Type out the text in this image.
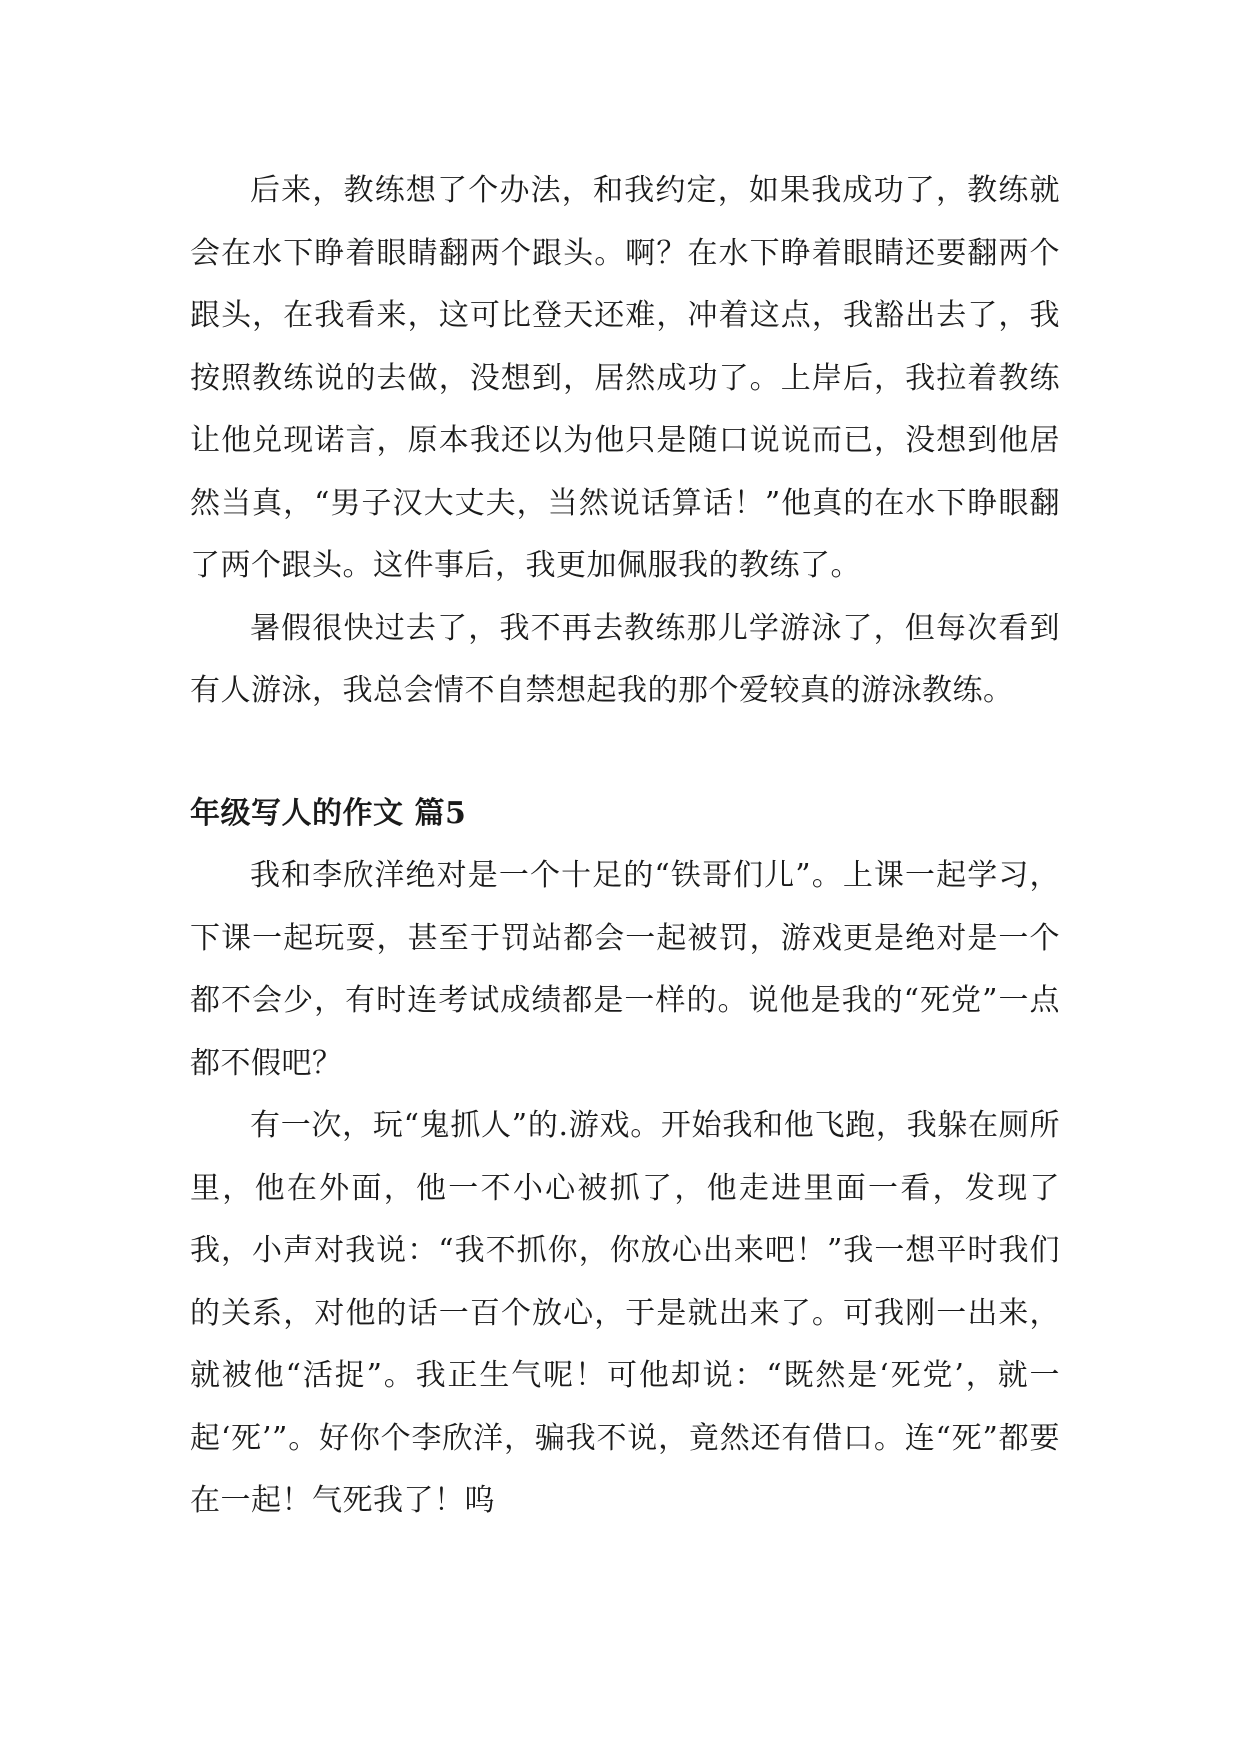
后来，教练想了个办法，和我约定，如果我成功了，教练就会在水下睁着眼睛翻两个跟头。啊？在水下睁着眼睛还要翻两个跟头，在我看来，这可比登天还难，冲着这点，我豁出去了，我按照教练说的去做，没想到，居然成功了。上岸后，我拉着教练让他兑现诺言，原本我还以为他只是随口说说而已，没想到他居然当真，“男子汉大丈夫，当然说话算话！”他真的在水下睁眼翻了两个跟头。这件事后，我更加佩服我的教练了。

暑假很快过去了，我不再去教练那儿学游泳了，但每次看到有人游泳，我总会情不自禁想起我的那个爱较真的游泳教练。

年级写人的作文 篇5

我和李欣洋绝对是一个十足的“铁哥们儿”。上课一起学习，下课一起玩耍，甚至于罚站都会一起被罚，游戏更是绝对是一个都不会少，有时连考试成绩都是一样的。说他是我的“死党”一点都不假吧？

有一次，玩“鬼抓人”的.游戏。开始我和他飞跑，我躲在厕所里，他在外面，他一不小心被抓了，他走进里面一看，发现了我，小声对我说：“我不抓你，你放心出来吧！”我一想平时我们的关系，对他的话一百个放心，于是就出来了。可我刚一出来，就被他“活捉”。我正生气呢！可他却说：“既然是‘死党’，就一起‘死’”。好你个李欣洋，骗我不说，竟然还有借口。连“死”都要在一起！气死我了！呜
